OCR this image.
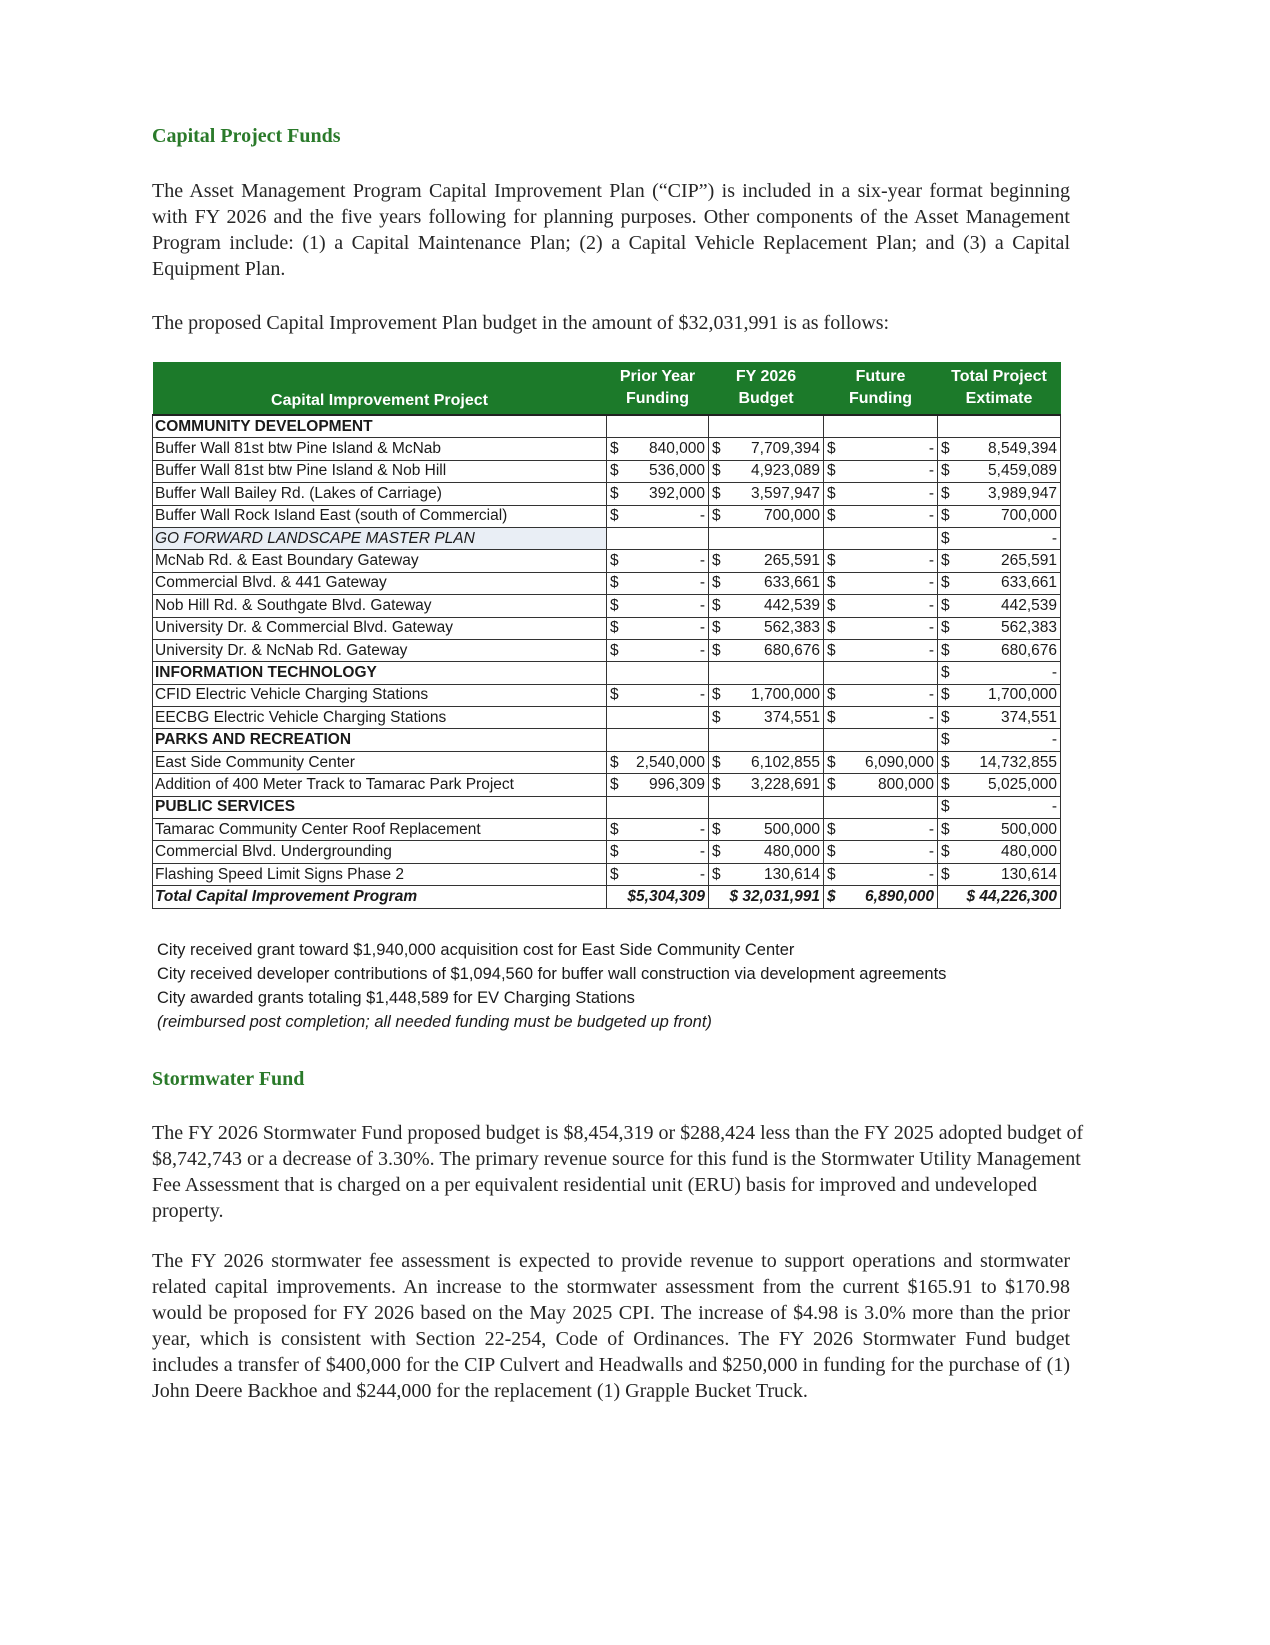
Capital Project Funds

The Asset Management Program Capital Improvement Plan (“CIP”) is included in a six-year format beginning with FY 2026 and the five years following for planning purposes. Other components of the Asset Management Program include: (1) a Capital Maintenance Plan; (2) a Capital Vehicle Replacement Plan; and (3) a Capital Equipment Plan.

The proposed Capital Improvement Plan budget in the amount of $32,031,991 is as follows:

Capital Improvement Project	Prior Year Funding	FY 2026 Budget	Future Funding	Total Project Extimate
COMMUNITY DEVELOPMENT				
Buffer Wall 81st btw Pine Island & McNab	$ 840,000	$ 7,709,394	$ -	$ 8,549,394

Buffer Wall 81st btw Pine Island & Nob Hill	$ 536,000	$ 4,923,089	$ -	$ 5,459,089

Buffer Wall Bailey Rd. (Lakes of Carriage)	$ 392,000	$ 3,597,947	$ -	$ 3,989,947

Buffer Wall Rock Island East (south of Commercial)	$ -	$ 700,000	$ -	$ 700,000

GO FORWARD LANDSCAPE MASTER PLAN				$ -

McNab Rd. & East Boundary Gateway	$ -	$ 265,591	$ -	$ 265,591

Commercial Blvd. & 441 Gateway	$ -	$ 633,661	$ -	$ 633,661

Nob Hill Rd. & Southgate Blvd. Gateway	$ -	$ 442,539	$ -	$ 442,539

University Dr. & Commercial Blvd. Gateway	$ -	$ 562,383	$ -	$ 562,383

University Dr. & NcNab Rd. Gateway	$ -	$ 680,676	$ -	$ 680,676

INFORMATION TECHNOLOGY				$ -

CFID Electric Vehicle Charging Stations	$ -	$ 1,700,000	$ -	$ 1,700,000

EECBG Electric Vehicle Charging Stations		$ 374,551	$ -	$ 374,551

PARKS AND RECREATION				$ -

East Side Community Center	$ 2,540,000	$ 6,102,855	$ 6,090,000	$ 14,732,855

Addition of 400 Meter Track to Tamarac Park Project	$ 996,309	$ 3,228,691	$ 800,000	$ 5,025,000

PUBLIC SERVICES				$ -

Tamarac Community Center Roof Replacement	$ -	$ 500,000	$ -	$ 500,000

Commercial Blvd. Undergrounding	$ -	$ 480,000	$ -	$ 480,000

Flashing Speed Limit Signs Phase 2	$ -	$ 130,614	$ -	$ 130,614

Total Capital Improvement Program	$5,304,309	$ 32,031,991	$ 6,890,000	$ 44,226,300

City received grant toward $1,940,000 acquisition cost for East Side Community Center

City received developer contributions of $1,094,560 for buffer wall construction via development agreements

City awarded grants totaling $1,448,589 for EV Charging Stations

(reimbursed post completion; all needed funding must be budgeted up front)

Stormwater Fund

The FY 2026 Stormwater Fund proposed budget is $8,454,319 or $288,424 less than the FY 2025 adopted budget of $8,742,743 or a decrease of 3.30%. The primary revenue source for this fund is the Stormwater Utility Management Fee Assessment that is charged on a per equivalent residential unit (ERU) basis for improved and undeveloped property.

The FY 2026 stormwater fee assessment is expected to provide revenue to support operations and stormwater related capital improvements. An increase to the stormwater assessment from the current $165.91 to $170.98 would be proposed for FY 2026 based on the May 2025 CPI. The increase of $4.98 is 3.0% more than the prior year, which is consistent with Section 22-254, Code of Ordinances. The FY 2026 Stormwater Fund budget includes a transfer of $400,000 for the CIP Culvert and Headwalls and $250,000 in funding for the purchase of (1) John Deere Backhoe and $244,000 for the replacement (1) Grapple Bucket Truck.
